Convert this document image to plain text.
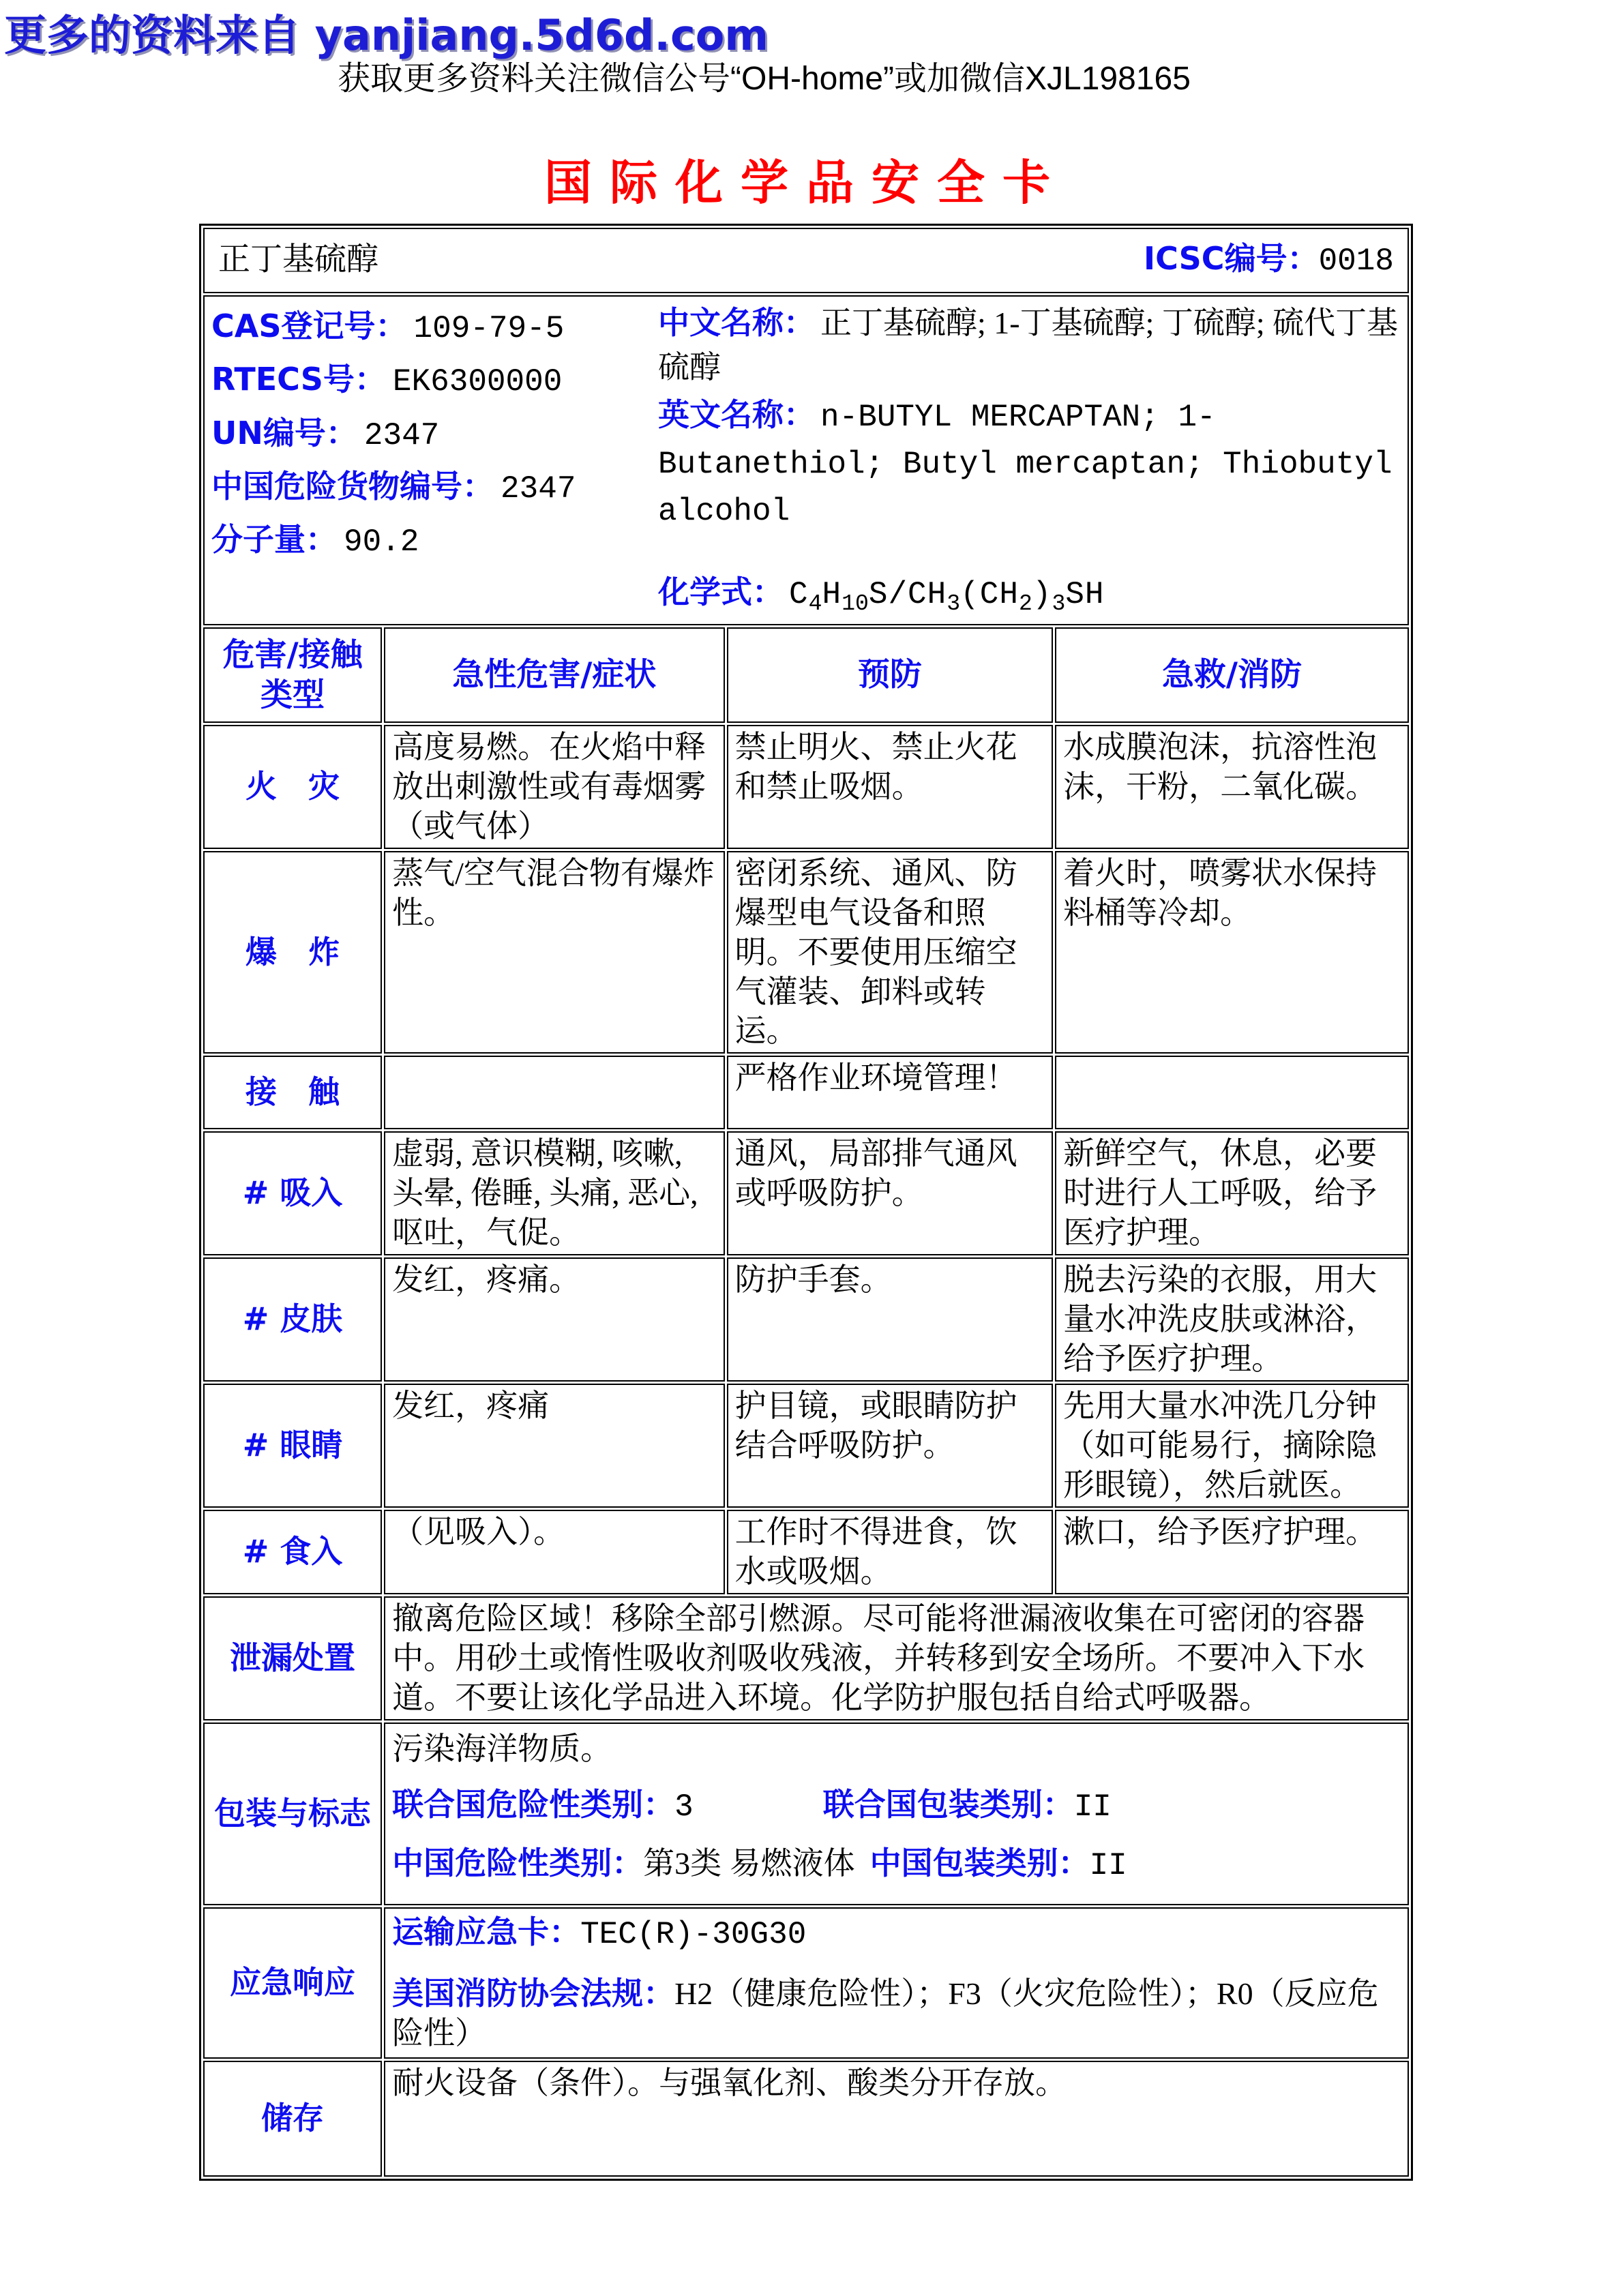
更多的资料来自 yanjiang.5d6d.com
获取更多资料关注微信公号“OH-home”或加微信XJL198165
国际化学品安全卡
正丁基硫醇 ICSC编号：0018			

CAS登记号： 109-79-5
RTECS号： EK6300000
UN编号： 2347
中国危险货物编号： 2347
分子量： 90.2
中文名称： 正丁基硫醇; 1-丁基硫醇; 丁硫醇; 硫代丁基硫醇
英文名称： n-BUTYL MERCAPTAN; 1-Butanethiol; Butyl mercaptan; Thiobutyl alcohol
化学式： $C_4H_{10}S/CH_3(CH_2)_3SH$

危害/接触类型	急性危害/症状	预防	急救/消防
火　灾	高度易燃。在火焰中释放出刺激性或有毒烟雾（或气体）	禁止明火、禁止火花和禁止吸烟。	水成膜泡沫，抗溶性泡沫，干粉，二氧化碳。
爆　炸	蒸气/空气混合物有爆炸性。	密闭系统、通风、防爆型电气设备和照明。不要使用压缩空气灌装、卸料或转运。	着火时，喷雾状水保持料桶等冷却。
接　触		严格作业环境管理！	
# 吸入	虚弱, 意识模糊, 咳嗽, 头晕, 倦睡, 头痛, 恶心, 呕吐，气促。	通风，局部排气通风或呼吸防护。	新鲜空气，休息，必要时进行人工呼吸，给予医疗护理。
# 皮肤	发红，疼痛。	防护手套。	脱去污染的衣服，用大量水冲洗皮肤或淋浴，给予医疗护理。
# 眼睛	发红，疼痛	护目镜，或眼睛防护结合呼吸防护。	先用大量水冲洗几分钟（如可能易行，摘除隐形眼镜），然后就医。
# 食入	（见吸入）。	工作时不得进食，饮水或吸烟。	漱口，给予医疗护理。
泄漏处置	撤离危险区域！移除全部引燃源。尽可能将泄漏液收集在可密闭的容器中。用砂土或惰性吸收剂吸收残液，并转移到安全场所。不要冲入下水道。不要让该化学品进入环境。化学防护服包括自给式呼吸器。		
包装与标志	污染海洋物质。
联合国危险性类别：3 联合国包装类别：II
中国危险性类别：第3类 易燃液体 中国包装类别：II		

应急响应	运输应急卡：TEC(R)-30G30
美国消防协会法规：H2（健康危险性）；F3（火灾危险性）；R0（反应危险性）		

储存	耐火设备（条件）。与强氧化剂、酸类分开存放。		
